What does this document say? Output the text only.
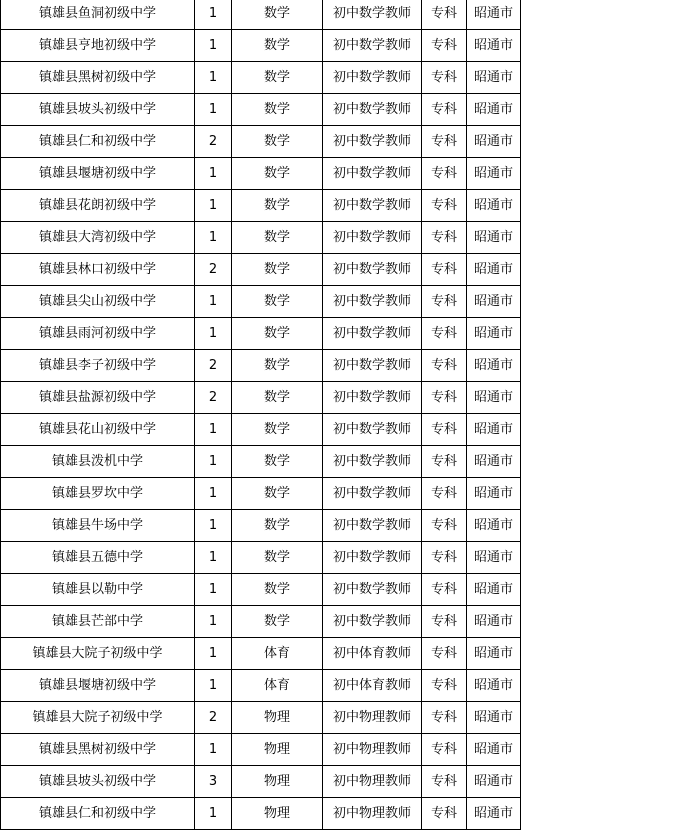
镇雄县鱼洞初级中学	1	数学	初中数学教师	专科	昭通市	
镇雄县亨地初级中学	1	数学	初中数学教师	专科	昭通市	
镇雄县黑树初级中学	1	数学	初中数学教师	专科	昭通市	
镇雄县坡头初级中学	1	数学	初中数学教师	专科	昭通市	
镇雄县仁和初级中学	2	数学	初中数学教师	专科	昭通市	
镇雄县堰塘初级中学	1	数学	初中数学教师	专科	昭通市	
镇雄县花朗初级中学	1	数学	初中数学教师	专科	昭通市	
镇雄县大湾初级中学	1	数学	初中数学教师	专科	昭通市	
镇雄县林口初级中学	2	数学	初中数学教师	专科	昭通市	
镇雄县尖山初级中学	1	数学	初中数学教师	专科	昭通市	
镇雄县雨河初级中学	1	数学	初中数学教师	专科	昭通市	
镇雄县李子初级中学	2	数学	初中数学教师	专科	昭通市	
镇雄县盐源初级中学	2	数学	初中数学教师	专科	昭通市	
镇雄县花山初级中学	1	数学	初中数学教师	专科	昭通市	
镇雄县泼机中学	1	数学	初中数学教师	专科	昭通市	
镇雄县罗坎中学	1	数学	初中数学教师	专科	昭通市	
镇雄县牛场中学	1	数学	初中数学教师	专科	昭通市	
镇雄县五德中学	1	数学	初中数学教师	专科	昭通市	
镇雄县以勒中学	1	数学	初中数学教师	专科	昭通市	
镇雄县芒部中学	1	数学	初中数学教师	专科	昭通市	
镇雄县大院子初级中学	1	体育	初中体育教师	专科	昭通市	
镇雄县堰塘初级中学	1	体育	初中体育教师	专科	昭通市	
镇雄县大院子初级中学	2	物理	初中物理教师	专科	昭通市	
镇雄县黑树初级中学	1	物理	初中物理教师	专科	昭通市	
镇雄县坡头初级中学	3	物理	初中物理教师	专科	昭通市	
镇雄县仁和初级中学	1	物理	初中物理教师	专科	昭通市	
